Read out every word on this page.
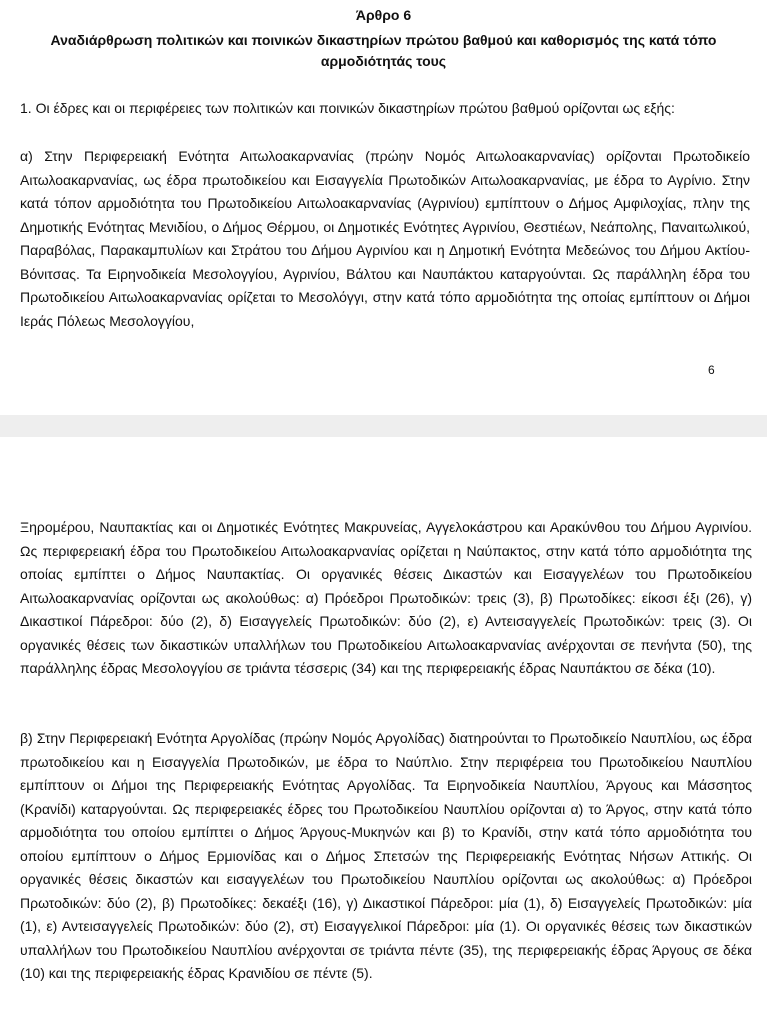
Άρθρο 6
Αναδιάρθρωση πολιτικών και ποινικών δικαστηρίων πρώτου βαθμού και καθορισμός της κατά τόπο
αρμοδιότητάς τους

1. Οι έδρες και οι περιφέρειες των πολιτικών και ποινικών δικαστηρίων πρώτου βαθμού ορίζονται ως εξής:

α) Στην Περιφερειακή Ενότητα Αιτωλοακαρνανίας (πρώην Νομός Αιτωλοακαρνανίας) ορίζονται Πρωτοδικείο Αιτωλοακαρνανίας, ως έδρα πρωτοδικείου και Εισαγγελία Πρωτοδικών Αιτωλοακαρνανίας, με έδρα το Αγρίνιο. Στην κατά τόπον αρμοδιότητα του Πρωτοδικείου Αιτωλοακαρνανίας (Αγρινίου) εμπίπτουν ο Δήμος Αμφιλοχίας, πλην της Δημοτικής Ενότητας Μενιδίου, ο Δήμος Θέρμου, οι Δημοτικές Ενότητες Αγρινίου, Θεστιέων, Νεάπολης, Παναιτωλικού, Παραβόλας, Παρακαμπυλίων και Στράτου του Δήμου Αγρινίου και η Δημοτική Ενότητα Μεδεώνος του Δήμου Ακτίου- Βόνιτσας. Τα Ειρηνοδικεία Μεσολογγίου, Αγρινίου, Βάλτου και Ναυπάκτου καταργούνται. Ως παράλληλη έδρα του Πρωτοδικείου Αιτωλοακαρνανίας ορίζεται το Μεσολόγγι, στην κατά τόπο αρμοδιότητα της οποίας εμπίπτουν οι Δήμοι Ιεράς Πόλεως Μεσολογγίου,

6

Ξηρομέρου, Ναυπακτίας και οι Δημοτικές Ενότητες Μακρυνείας, Αγγελοκάστρου και Αρακύνθου του Δήμου Αγρινίου. Ως περιφερειακή έδρα του Πρωτοδικείου Αιτωλοακαρνανίας ορίζεται η Ναύπακτος, στην κατά τόπο αρμοδιότητα της οποίας εμπίπτει ο Δήμος Ναυπακτίας. Οι οργανικές θέσεις Δικαστών και Εισαγγελέων του Πρωτοδικείου Αιτωλοακαρνανίας ορίζονται ως ακολούθως: α) Πρόεδροι Πρωτοδικών: τρεις (3), β) Πρωτοδίκες: είκοσι έξι (26), γ) Δικαστικοί Πάρεδροι: δύο (2), δ) Εισαγγελείς Πρωτοδικών: δύο (2), ε) Αντεισαγγελείς Πρωτοδικών: τρεις (3). Οι οργανικές θέσεις των δικαστικών υπαλλήλων του Πρωτοδικείου Αιτωλοακαρνανίας ανέρχονται σε πενήντα (50), της παράλληλης έδρας Μεσολογγίου σε τριάντα τέσσερις (34) και της περιφερειακής έδρας Ναυπάκτου σε δέκα (10).

β) Στην Περιφερειακή Ενότητα Αργολίδας (πρώην Νομός Αργολίδας) διατηρούνται το Πρωτοδικείο Ναυπλίου, ως έδρα πρωτοδικείου και η Εισαγγελία Πρωτοδικών, με έδρα το Ναύπλιο. Στην περιφέρεια του Πρωτοδικείου Ναυπλίου εμπίπτουν οι Δήμοι της Περιφερειακής Ενότητας Αργολίδας. Τα Ειρηνοδικεία Ναυπλίου, Άργους και Μάσσητος (Κρανίδι) καταργούνται. Ως περιφερειακές έδρες του Πρωτοδικείου Ναυπλίου ορίζονται α) το Άργος, στην κατά τόπο αρμοδιότητα του οποίου εμπίπτει ο Δήμος Άργους-Μυκηνών και β) το Κρανίδι, στην κατά τόπο αρμοδιότητα του οποίου εμπίπτουν ο Δήμος Ερμιονίδας και ο Δήμος Σπετσών της Περιφερειακής Ενότητας Νήσων Αττικής. Οι οργανικές θέσεις δικαστών και εισαγγελέων του Πρωτοδικείου Ναυπλίου ορίζονται ως ακολούθως: α) Πρόεδροι Πρωτοδικών: δύο (2), β) Πρωτοδίκες: δεκαέξι (16), γ) Δικαστικοί Πάρεδροι: μία (1), δ) Εισαγγελείς Πρωτοδικών: μία (1), ε) Αντεισαγγελείς Πρωτοδικών: δύο (2), στ) Εισαγγελικοί Πάρεδροι: μία (1). Οι οργανικές θέσεις των δικαστικών υπαλλήλων του Πρωτοδικείου Ναυπλίου ανέρχονται σε τριάντα πέντε (35), της περιφερειακής έδρας Άργους σε δέκα (10) και της περιφερειακής έδρας Κρανιδίου σε πέντε (5).
